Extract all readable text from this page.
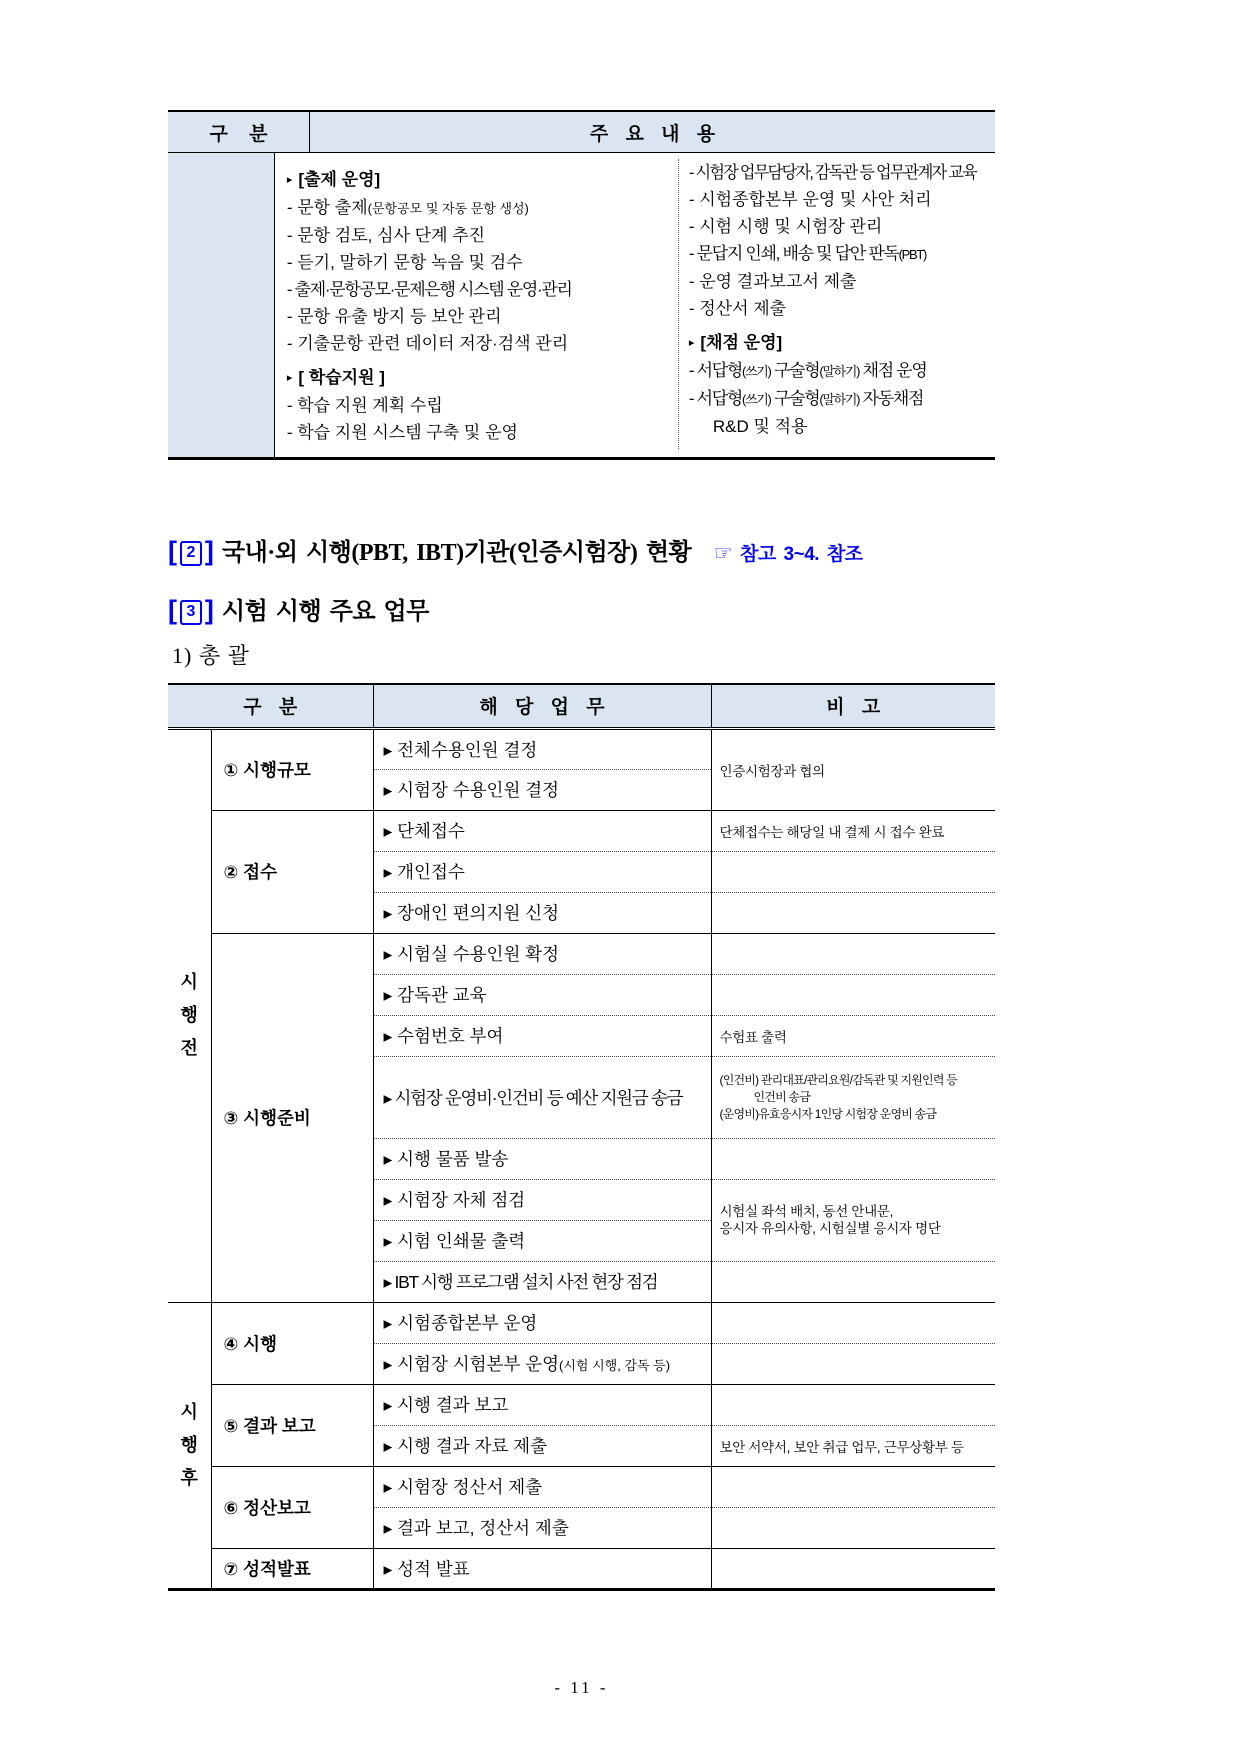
구 분	주 요 내 용
▸ [출제 운영]
- 문항 출제(문항공모 및 자동 문항 생성)
- 문항 검토, 심사 단계 추진
- 듣기, 말하기 문항 녹음 및 검수
- 출제·문항공모·문제은행 시스템 운영·관리
- 문항 유출 방지 등 보안 관리
- 기출문항 관련 데이터 저장·검색 관리
▸ [ 학습지원 ]
- 학습 지원 계획 수립
- 학습 지원 시스템 구축 및 운영
- 시험장 업무담당자, 감독관 등 업무관계자 교육
- 시험종합본부 운영 및 사안 처리
- 시험 시행 및 시험장 관리
- 문답지 인쇄, 배송 및 답안 판독(PBT)
- 운영 결과보고서 제출
- 정산서 제출
▸ [채점 운영]
- 서답형(쓰기) 구술형(말하기) 채점 운영
- 서답형(쓰기) 구술형(말하기) 자동채점
R&D 및 적용
[ 2 ] 국내·외 시행(PBT, IBT)기관(인증시험장) 현황 ☞ 참고 3~4. 참조
[ 3 ] 시험 시행 주요 업무
1) 총 괄
구 분		해 당 업 무	비 고

시행전	① 시행규모	▸ 전체수용인원 결정	인증시험장과 협의
		▸ 시험장 수용인원 결정	
	② 접수	▸ 단체접수	단체접수는 해당일 내 결제 시 접수 완료
		▸ 개인접수	
		▸ 장애인 편의지원 신청	
	③ 시행준비	▸ 시험실 수용인원 확정	
		▸ 감독관 교육	
		▸ 수험번호 부여	수험표 출력
		▸ 시험장 운영비·인건비 등 예산 지원금 송금	(인건비) 관리대표/관리요원/감독관 및 지원인력 등
인건비 송금
(운영비)유효응시자 1인당 시험장 운영비 송금

		▸ 시행 물품 발송	
		▸ 시험장 자체 점검	시험실 좌석 배치, 동선 안내문,
응시자 유의사항, 시험실별 응시자 명단

		▸ 시험 인쇄물 출력	
		▸ IBT 시행 프로그램 설치 사전 현장 점검	

시행후	④ 시행	▸ 시험종합본부 운영	
		▸ 시험장 시험본부 운영(시험 시행, 감독 등)	
	⑤ 결과 보고	▸ 시행 결과 보고	
		▸ 시행 결과 자료 제출	보안 서약서, 보안 취급 업무, 근무상황부 등
	⑥ 정산보고	▸ 시험장 정산서 제출	
		▸ 결과 보고, 정산서 제출	
	⑦ 성적발표	▸ 성적 발표	
- 11 -
